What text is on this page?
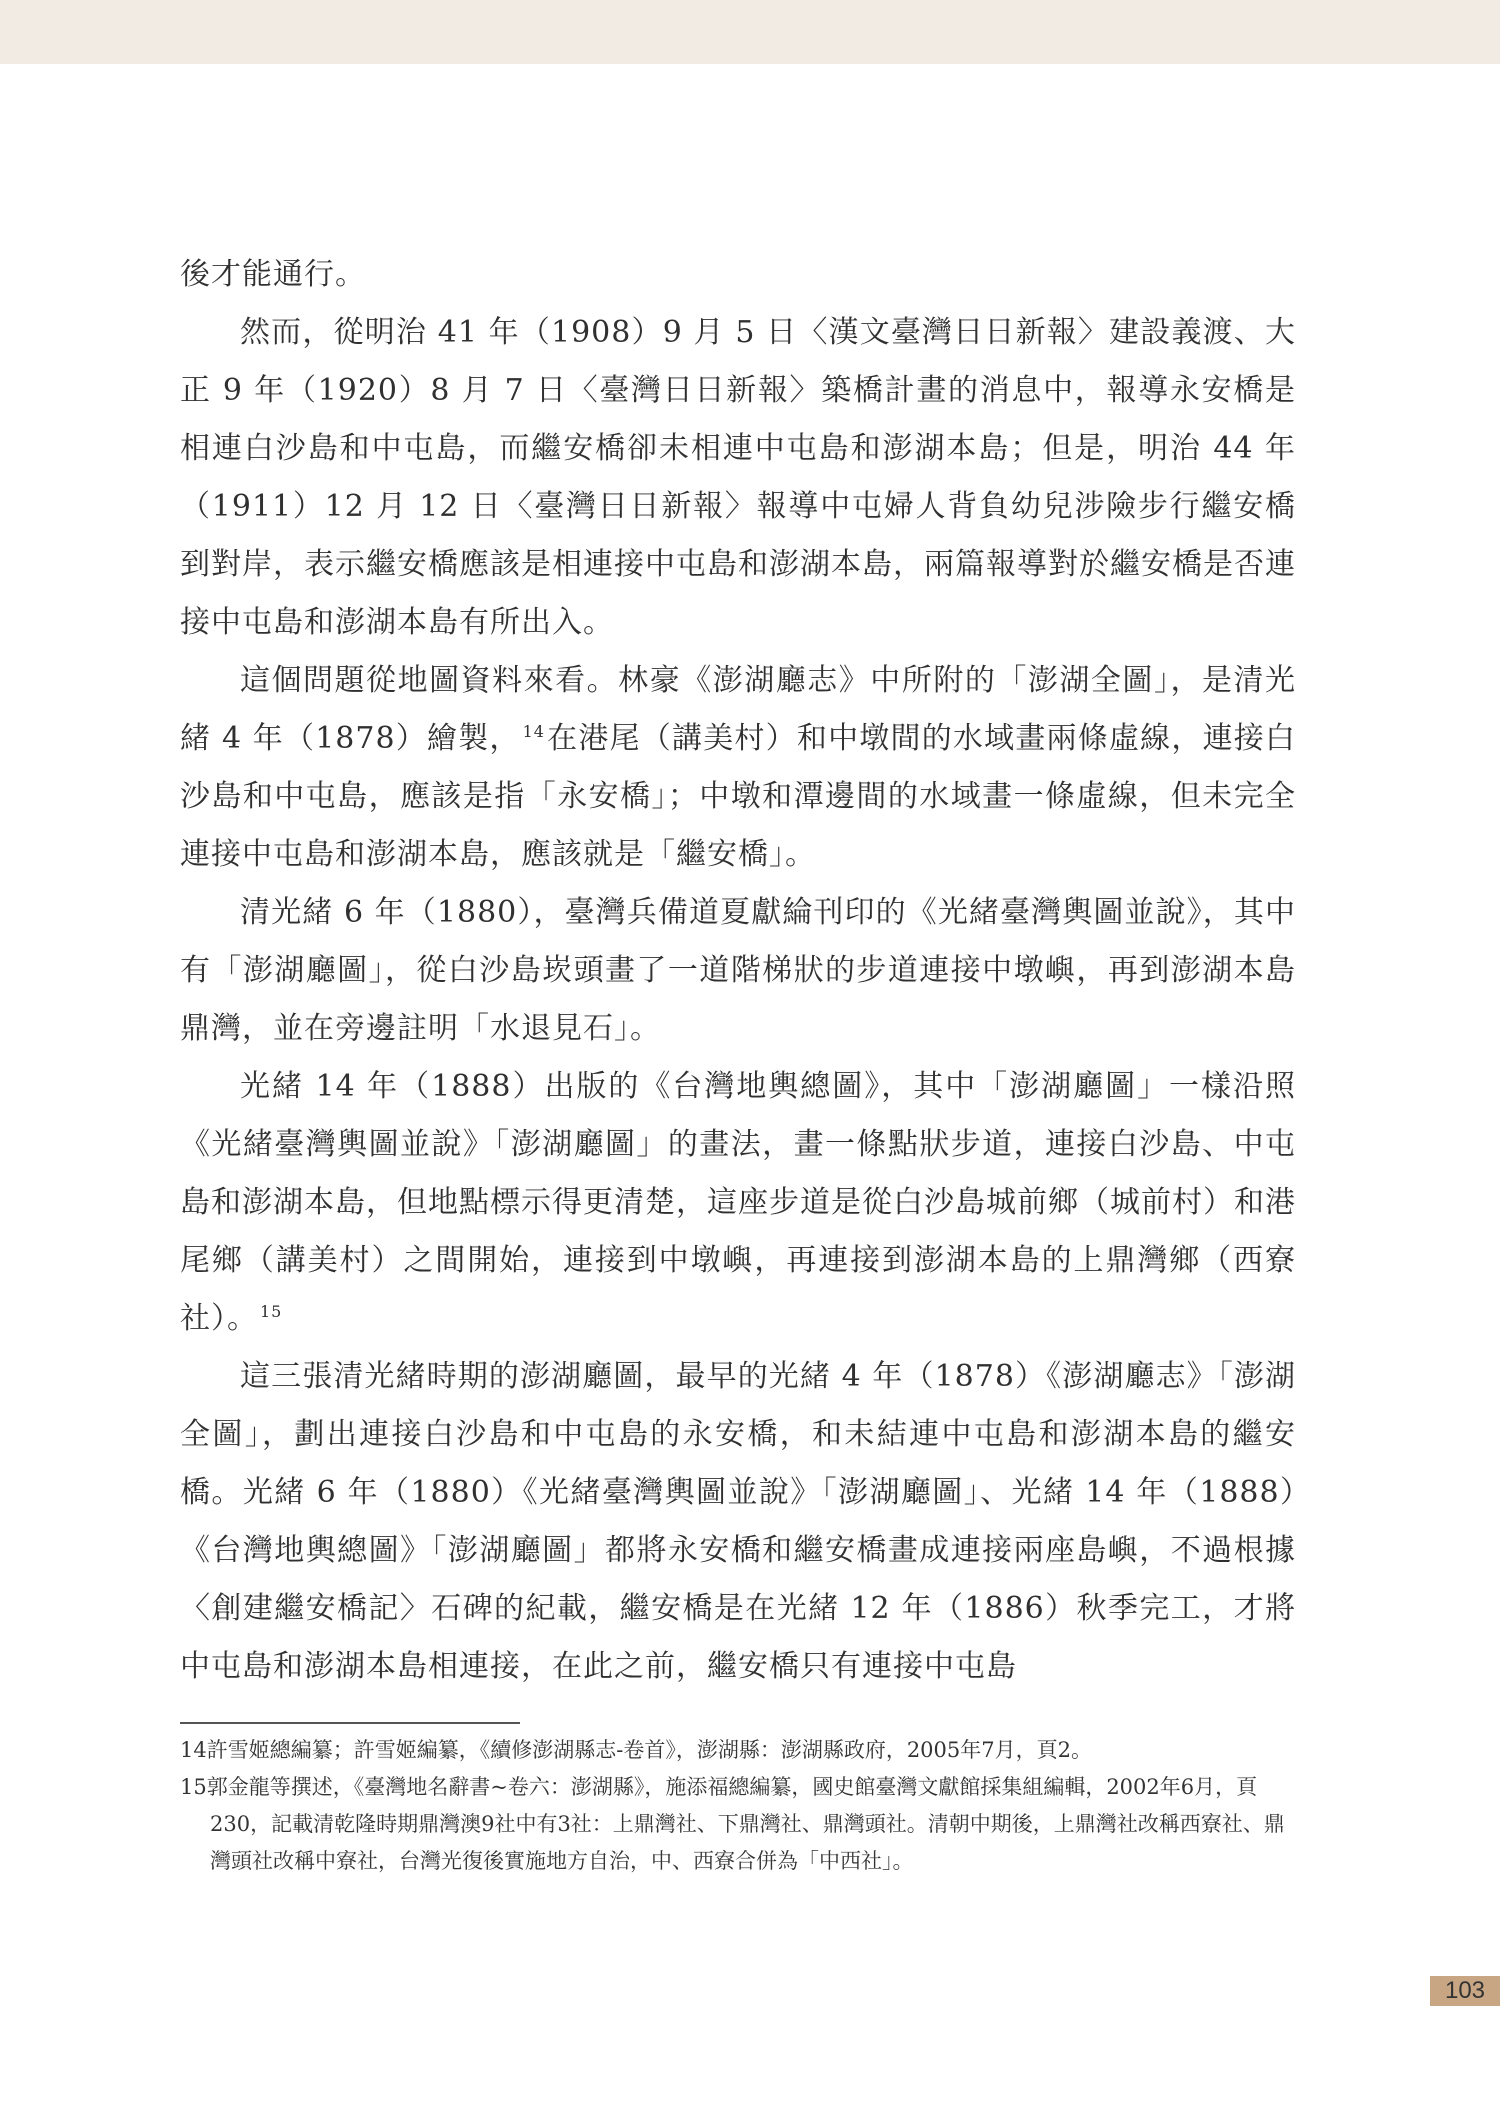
後才能通行。

然而，從明治 41 年（1908）9 月 5 日〈漢文臺灣日日新報〉建設義渡、大正 9 年（1920）8 月 7 日〈臺灣日日新報〉築橋計畫的消息中，報導永安橋是相連白沙島和中屯島，而繼安橋卻未相連中屯島和澎湖本島；但是，明治 44 年（1911）12 月 12 日〈臺灣日日新報〉報導中屯婦人背負幼兒涉險步行繼安橋到對岸，表示繼安橋應該是相連接中屯島和澎湖本島，兩篇報導對於繼安橋是否連接中屯島和澎湖本島有所出入。

這個問題從地圖資料來看。林豪《澎湖廳志》中所附的「澎湖全圖」，是清光緒 4 年（1878）繪製， $^{14}$在港尾（講美村）和中墩間的水域畫兩條虛線，連接白沙島和中屯島，應該是指「永安橋」；中墩和潭邊間的水域畫一條虛線，但未完全連接中屯島和澎湖本島，應該就是「繼安橋」。

清光緒 6 年（1880），臺灣兵備道夏獻綸刊印的《光緒臺灣輿圖並說》，其中有「澎湖廳圖」，從白沙島崁頭畫了一道階梯狀的步道連接中墩嶼，再到澎湖本島鼎灣，並在旁邊註明「水退見石」。

光緒 14 年（1888）出版的《台灣地輿總圖》，其中「澎湖廳圖」一樣沿照《光緒臺灣輿圖並說》「澎湖廳圖」的畫法，畫一條點狀步道，連接白沙島、中屯島和澎湖本島，但地點標示得更清楚，這座步道是從白沙島城前鄉（城前村）和港尾鄉（講美村）之間開始，連接到中墩嶼，再連接到澎湖本島的上鼎灣鄉（西寮社）。 $^{15}$

這三張清光緒時期的澎湖廳圖，最早的光緒 4 年（1878）《澎湖廳志》「澎湖全圖」，劃出連接白沙島和中屯島的永安橋，和未結連中屯島和澎湖本島的繼安橋。光緒 6 年（1880）《光緒臺灣輿圖並說》「澎湖廳圖」、光緒 14 年（1888）《台灣地輿總圖》「澎湖廳圖」都將永安橋和繼安橋畫成連接兩座島嶼，不過根據〈創建繼安橋記〉石碑的紀載，繼安橋是在光緒 12 年（1886）秋季完工，才將中屯島和澎湖本島相連接，在此之前，繼安橋只有連接中屯島

14許雪姬總編纂；許雪姬編纂，《續修澎湖縣志-卷首》，澎湖縣：澎湖縣政府，2005年7月，頁2。

15郭金龍等撰述，《臺灣地名辭書~卷六：澎湖縣》，施添福總編纂，國史館臺灣文獻館採集組編輯，2002年6月，頁230，記載清乾隆時期鼎灣澳9社中有3社：上鼎灣社、下鼎灣社、鼎灣頭社。清朝中期後，上鼎灣社改稱西寮社、鼎灣頭社改稱中寮社，台灣光復後實施地方自治，中、西寮合併為「中西社」。

103
